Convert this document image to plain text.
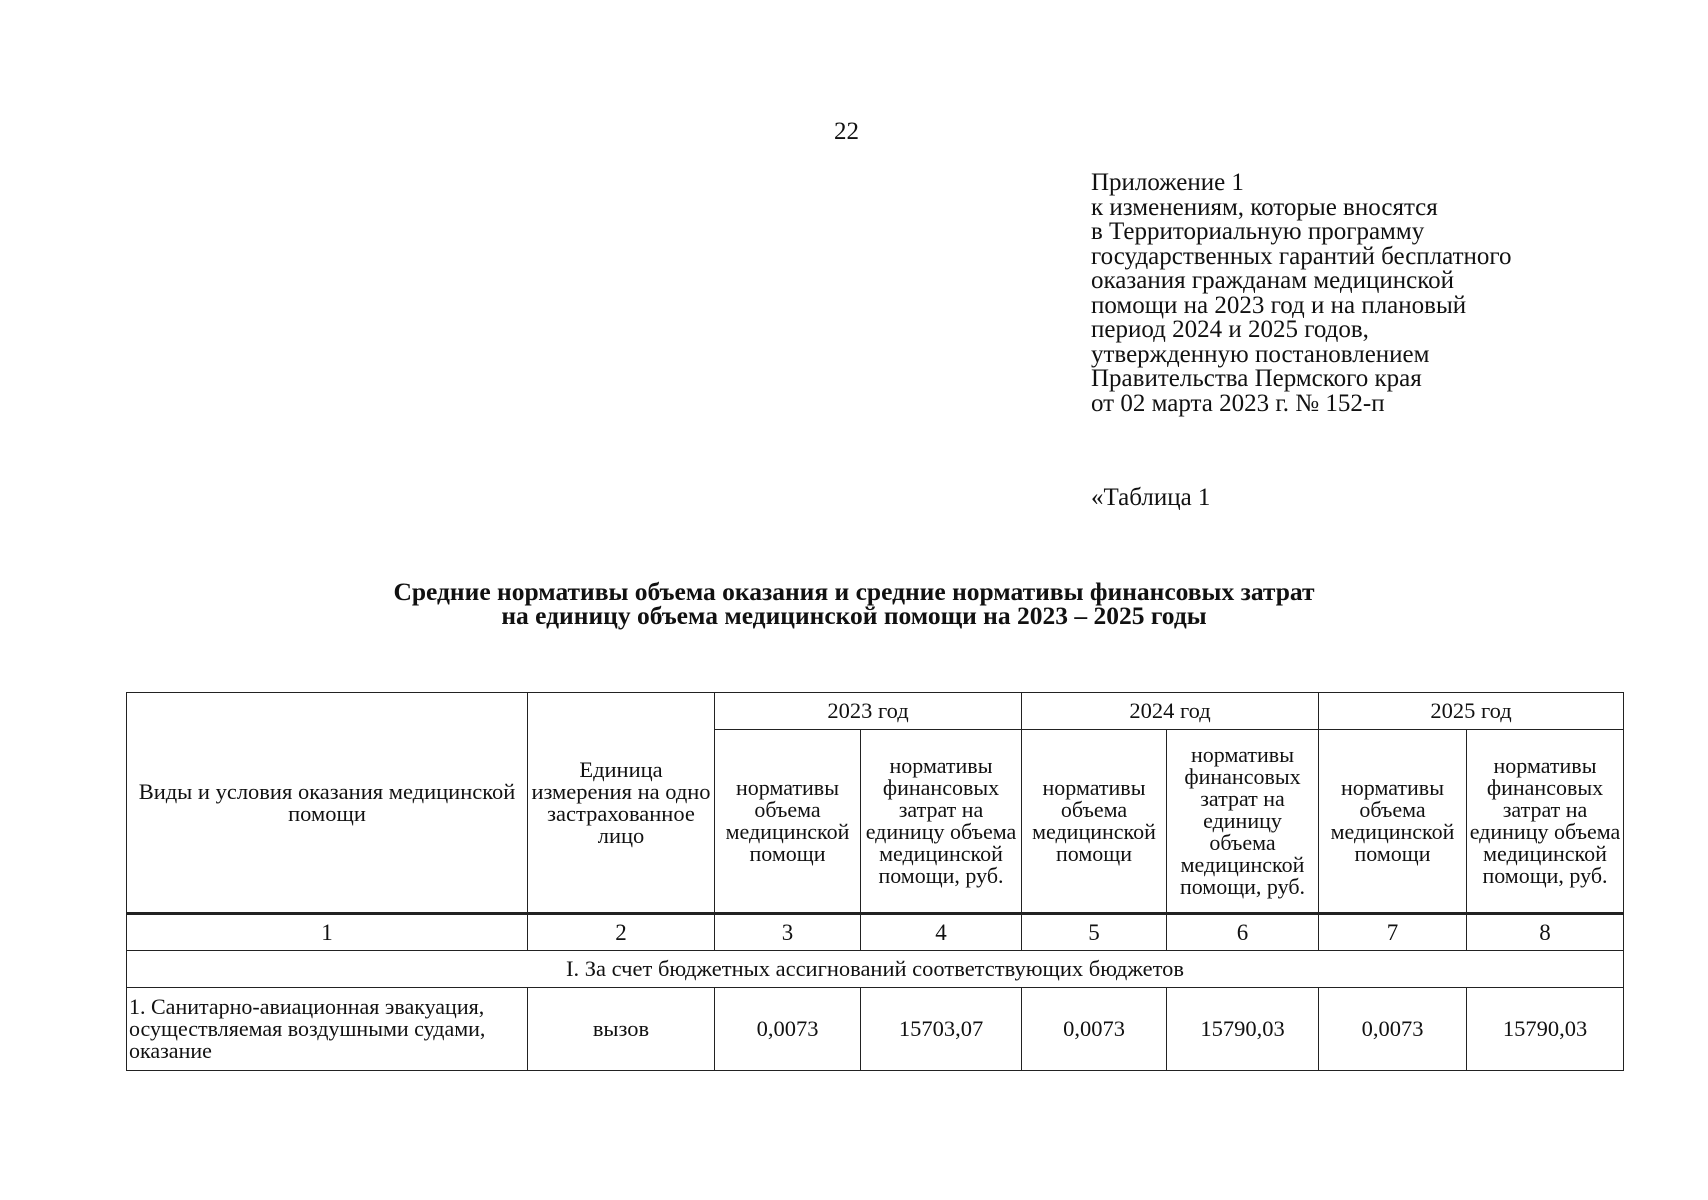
22
Приложение 1
к изменениям, которые вносятся
в Территориальную программу
государственных гарантий бесплатного
оказания гражданам медицинской
помощи на 2023 год и на плановый
период 2024 и 2025 годов,
утвержденную постановлением
Правительства Пермского края
от 02 марта 2023 г. № 152-п
«Таблица 1
Средние нормативы объема оказания и средние нормативы финансовых затрат
на единицу объема медицинской помощи на 2023 – 2025 годы
Виды и условия оказания медицинской помощи	Единица измерения на одно застрахованное лицо	2023 год		2024 год		2025 год	
		нормативы объема медицинской помощи	нормативы финансовых затрат на единицу объема медицинской помощи, руб.	нормативы объема медицинской помощи	нормативы финансовых затрат на единицу объема медицинской помощи, руб.	нормативы объема медицинской помощи	нормативы финансовых затрат на единицу объема медицинской помощи, руб.
1	2	3	4	5	6	7	8
I. За счет бюджетных ассигнований соответствующих бюджетов							
1. Санитарно-авиационная эвакуация, осуществляемая воздушными судами, оказание	вызов	0,0073	15703,07	0,0073	15790,03	0,0073	15790,03
